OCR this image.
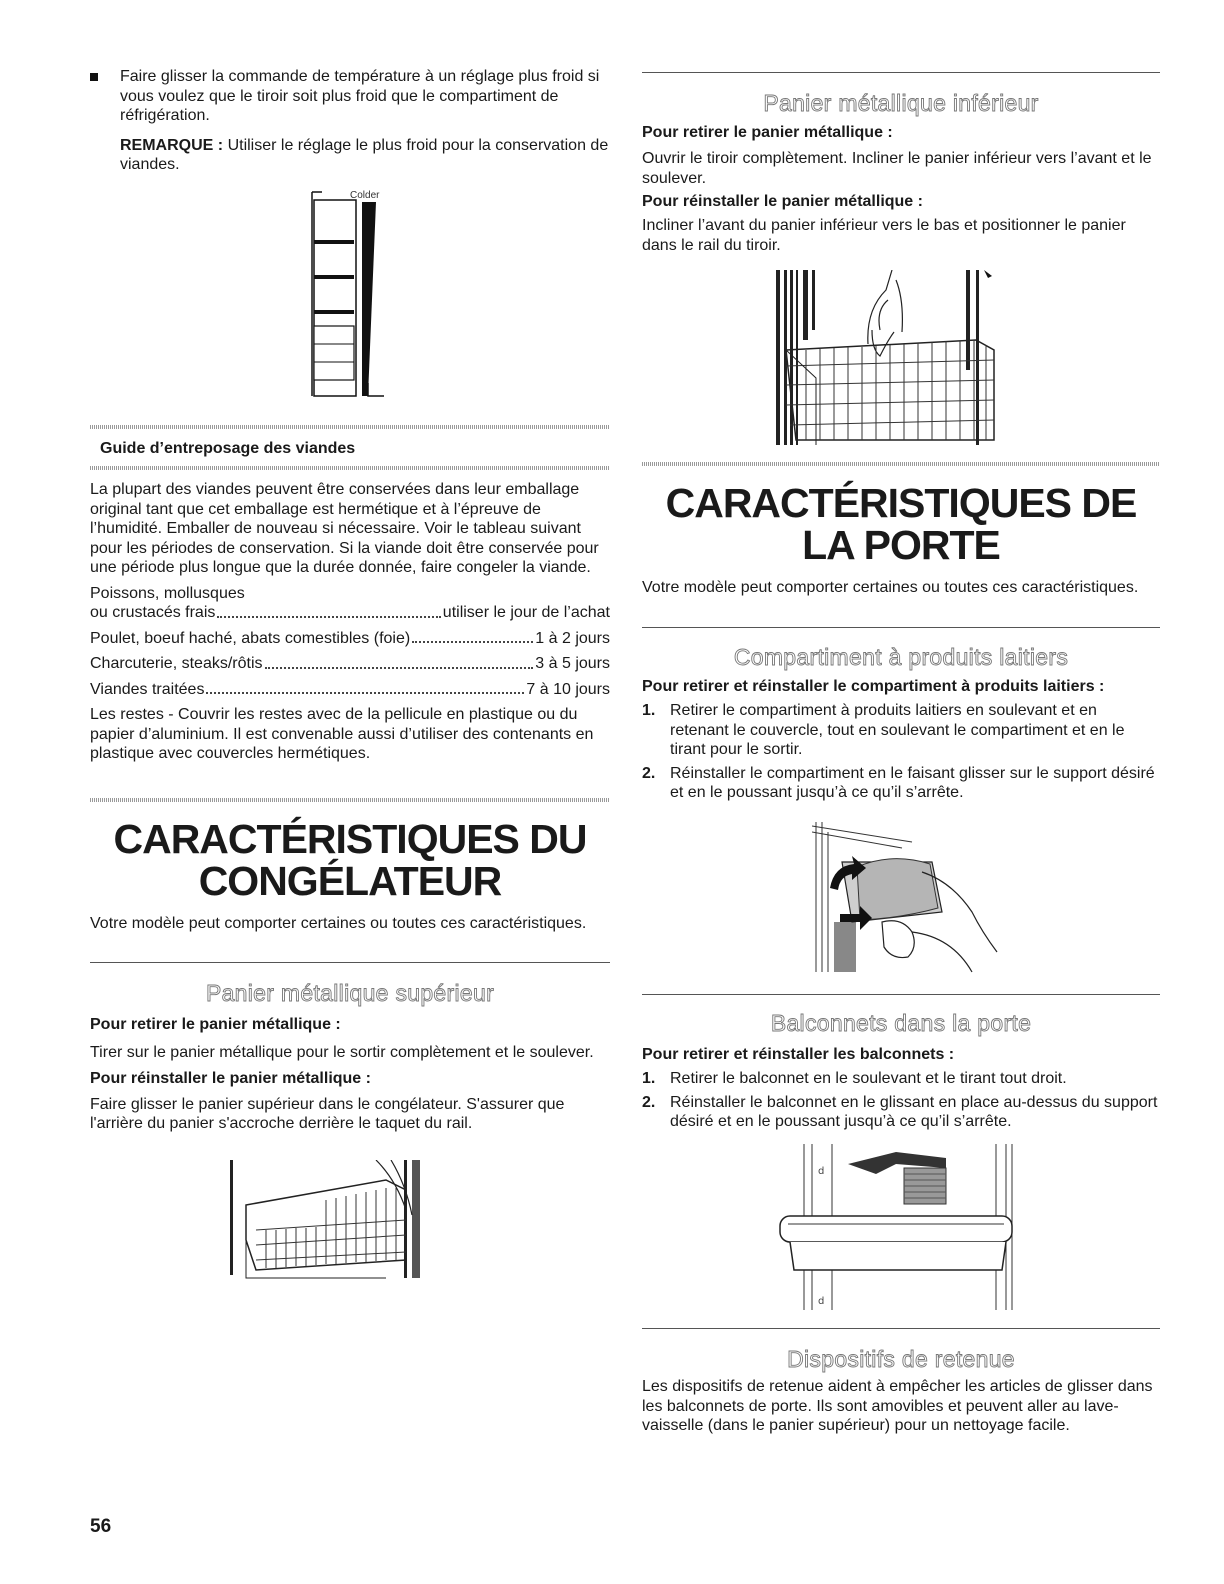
Faire glisser la commande de température à un réglage plus froid si vous voulez que le tiroir soit plus froid que le compartiment de réfrigération.

REMARQUE : Utiliser le réglage le plus froid pour la conservation de viandes.

Colder
Guide d’entreposage des viandes

La plupart des viandes peuvent être conservées dans leur emballage original tant que cet emballage est hermétique et à l’épreuve de l’humidité. Emballer de nouveau si nécessaire. Voir le tableau suivant pour les périodes de conservation. Si la viande doit être conservée pour une période plus longue que la durée donnée, faire congeler la viande.

Poissons, mollusques

ou crustacés frais	utiliser le jour de l’achat
Poulet, boeuf haché, abats comestibles (foie)	1 à 2 jours
Charcuterie, steaks/rôtis	3 à 5 jours
Viandes traitées	7 à 10 jours

Les restes - Couvrir les restes avec de la pellicule en plastique ou du papier d’aluminium. Il est convenable aussi d’utiliser des contenants en plastique avec couvercles hermétiques.

CARACTÉRISTIQUES DU
CONGÉLATEUR
Votre modèle peut comporter certaines ou toutes ces caractéristiques.
Panier métallique supérieur

Pour retirer le panier métallique :

Tirer sur le panier métallique pour le sortir complètement et le soulever.

Pour réinstaller le panier métallique :

Faire glisser le panier supérieur dans le congélateur. S'assurer que l'arrière du panier s'accroche derrière le taquet du rail.

56
Panier métallique inférieur

Pour retirer le panier métallique :

Ouvrir le tiroir complètement. Incliner le panier inférieur vers l’avant et le soulever.

Pour réinstaller le panier métallique :

Incliner l’avant du panier inférieur vers le bas et positionner le panier dans le rail du tiroir.

CARACTÉRISTIQUES DE
LA PORTE
Votre modèle peut comporter certaines ou toutes ces caractéristiques.
Compartiment à produits laitiers

Pour retirer et réinstaller le compartiment à produits laitiers :

1. Retirer le compartiment à produits laitiers en soulevant et en retenant le couvercle, tout en soulevant le compartiment et en le tirant pour le sortir.
2. Réinstaller le compartiment en le faisant glisser sur le support désiré et en le poussant jusqu’à ce qu’il s’arrête.
Balconnets dans la porte

Pour retirer et réinstaller les balconnets :

1. Retirer le balconnet en le soulevant et le tirant tout droit.
2. Réinstaller le balconnet en le glissant en place au-dessus du support désiré et en le poussant jusqu’à ce qu’il s’arrête.
d
d
Dispositifs de retenue

Les dispositifs de retenue aident à empêcher les articles de glisser dans les balconnets de porte. Ils sont amovibles et peuvent aller au lave-vaisselle (dans le panier supérieur) pour un nettoyage facile.
